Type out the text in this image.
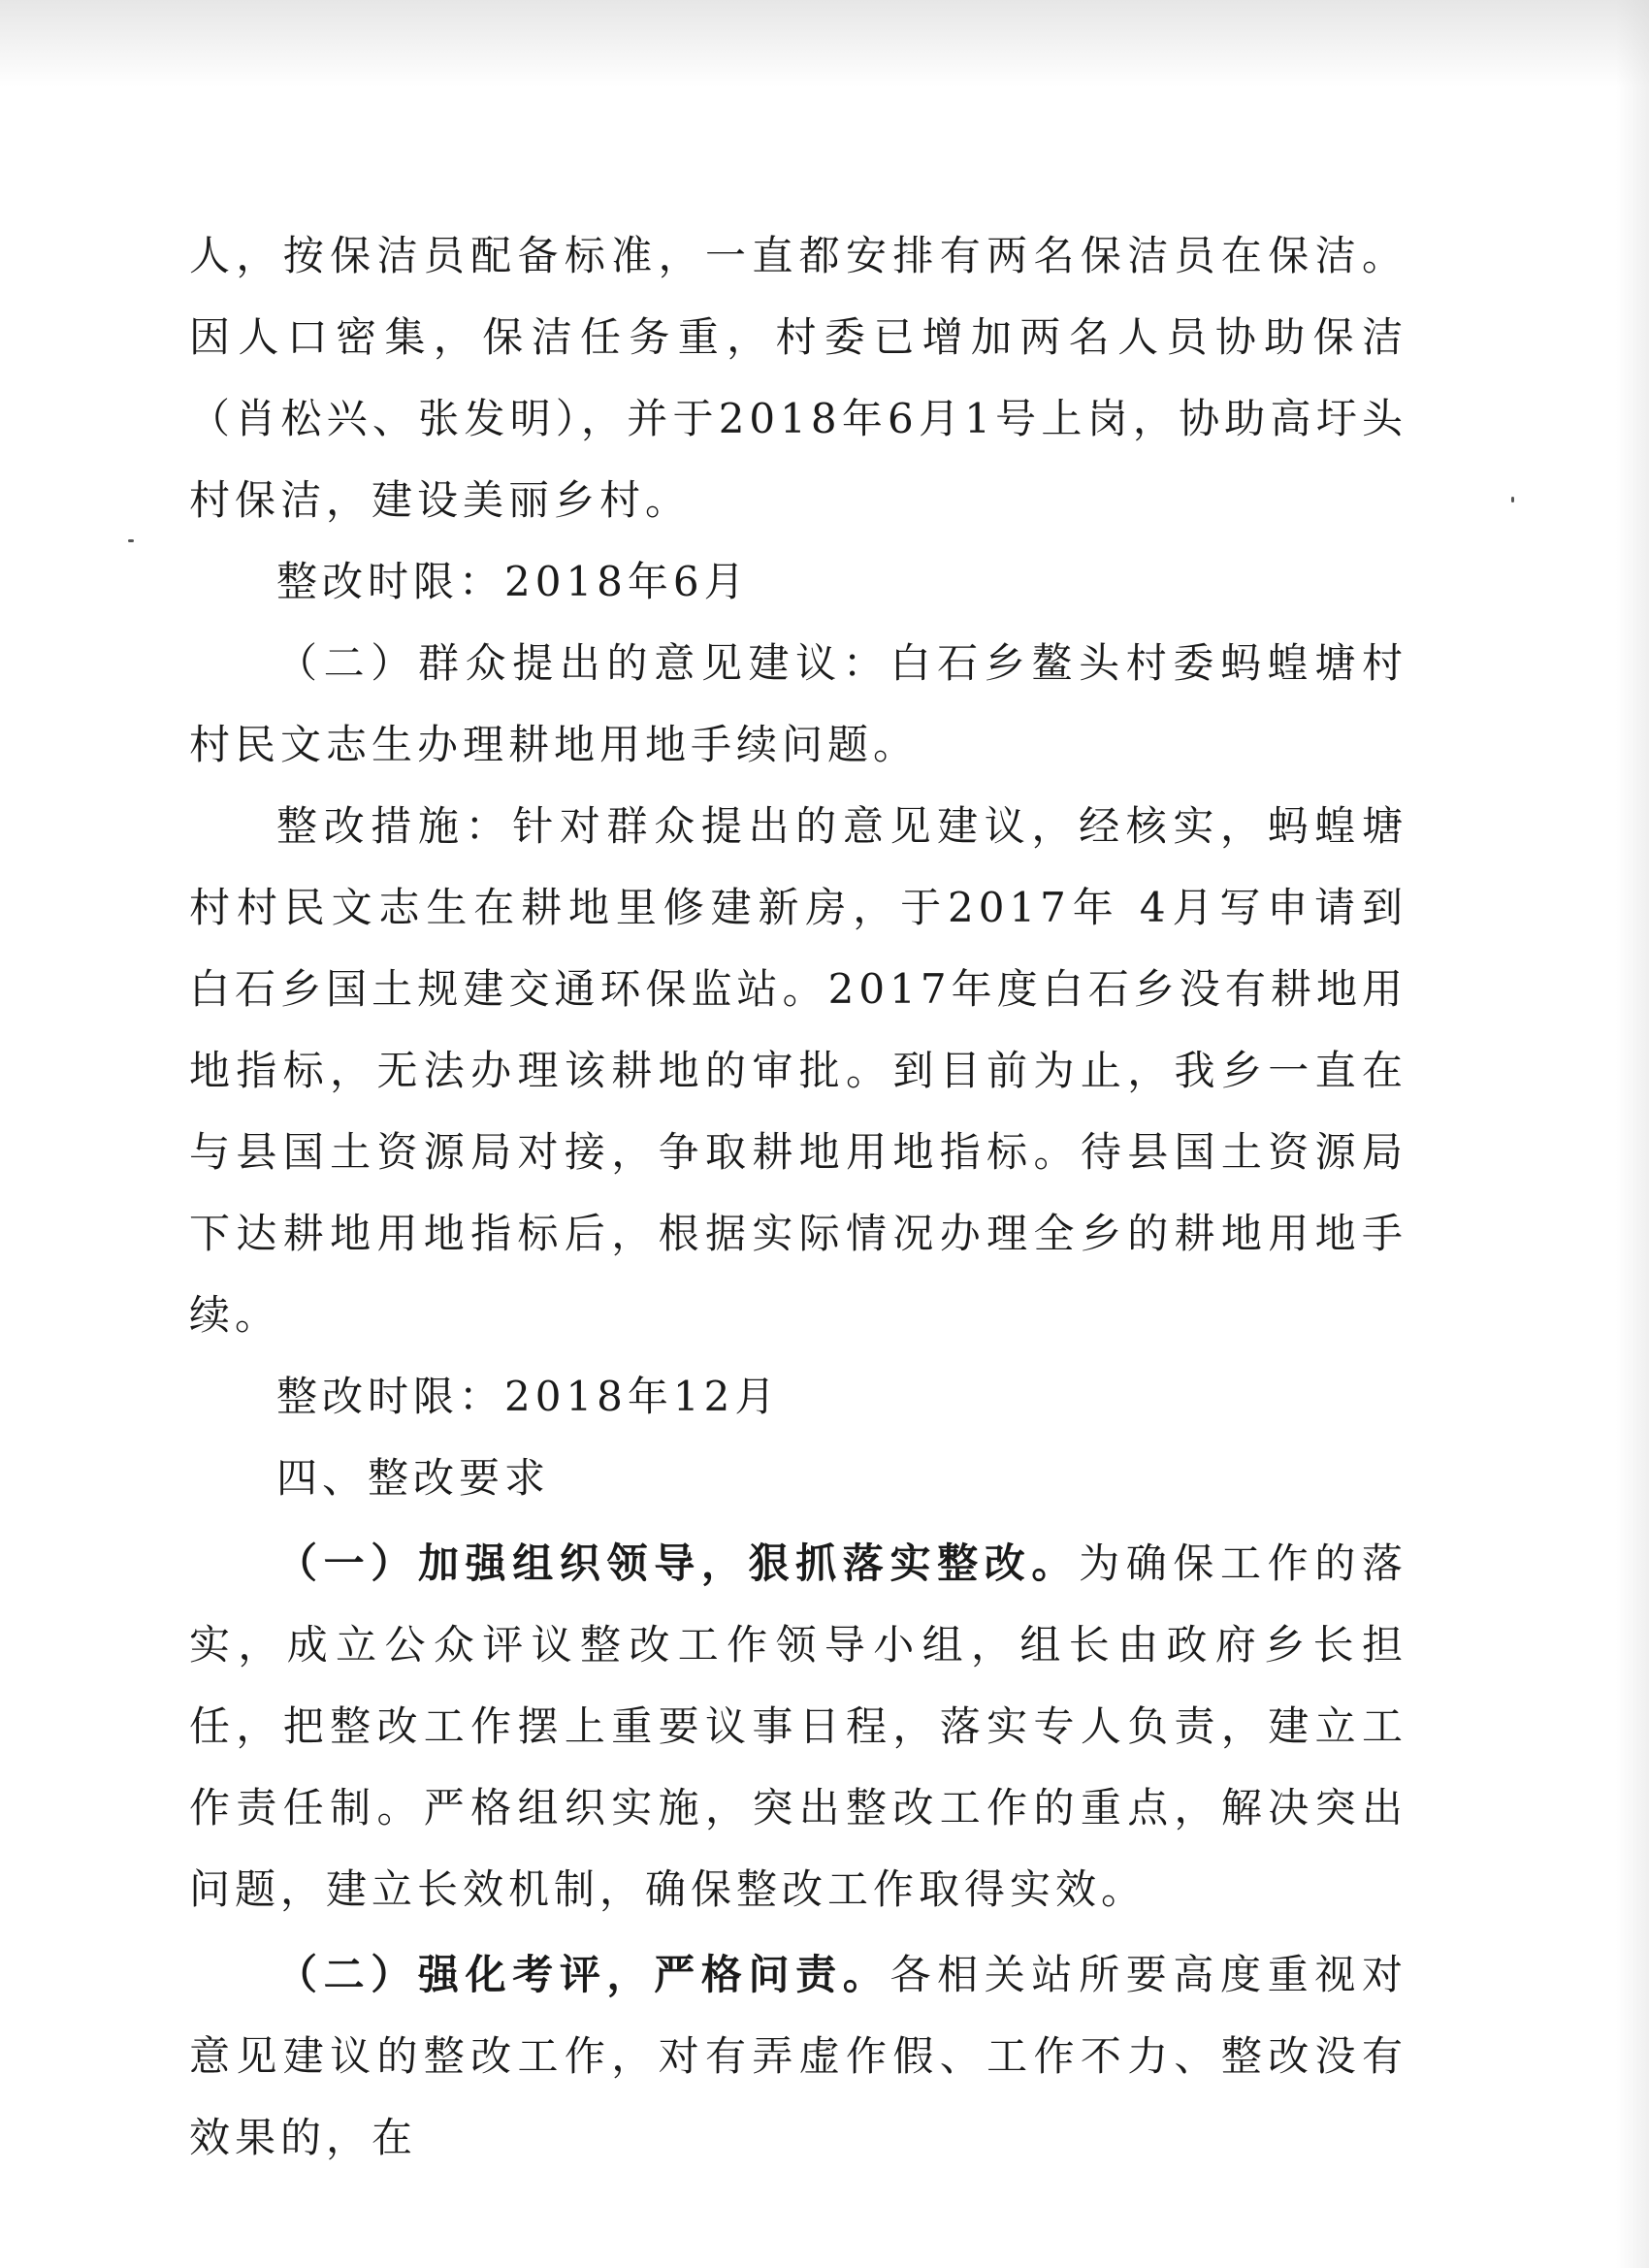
人，按保洁员配备标准，一直都安排有两名保洁员在保洁。因人口密集，保洁任务重，村委已增加两名人员协助保洁（肖松兴、张发明），并于2018年6月1号上岗，协助高圩头村保洁，建设美丽乡村。

整改时限：2018年6月

（二）群众提出的意见建议：白石乡鳌头村委蚂蝗塘村村民文志生办理耕地用地手续问题。

整改措施：针对群众提出的意见建议，经核实，蚂蝗塘村村民文志生在耕地里修建新房，于2017年 4月写申请到白石乡国土规建交通环保监站。2017年度白石乡没有耕地用地指标，无法办理该耕地的审批。到目前为止，我乡一直在与县国土资源局对接，争取耕地用地指标。待县国土资源局下达耕地用地指标后，根据实际情况办理全乡的耕地用地手续。

整改时限：2018年12月

四、整改要求

（一）加强组织领导，狠抓落实整改。为确保工作的落实，成立公众评议整改工作领导小组，组长由政府乡长担任，把整改工作摆上重要议事日程，落实专人负责，建立工作责任制。严格组织实施，突出整改工作的重点，解决突出问题，建立长效机制，确保整改工作取得实效。

（二）强化考评，严格问责。各相关站所要高度重视对意见建议的整改工作，对有弄虚作假、工作不力、整改没有效果的，在
